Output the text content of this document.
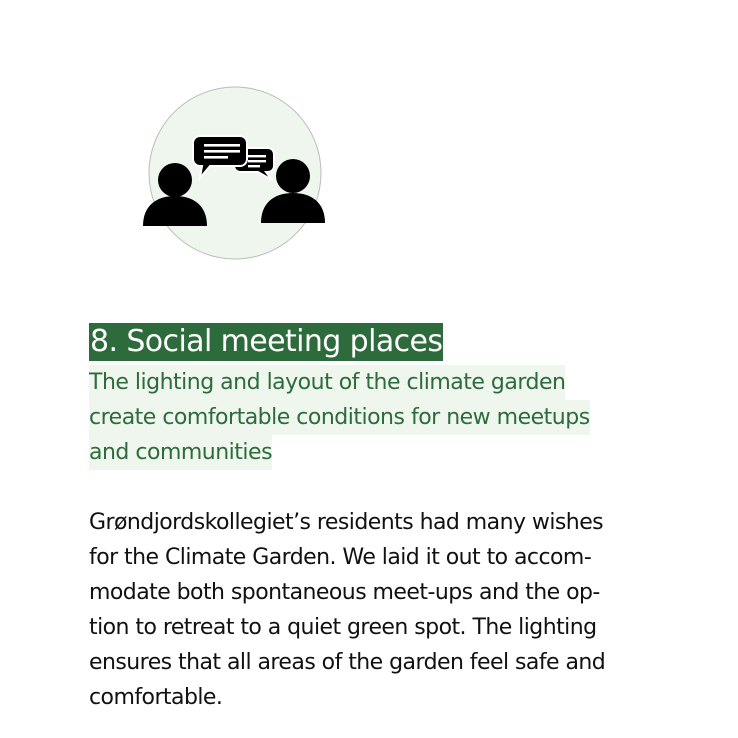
8. Social meeting places
The lighting and layout of the climate garden
create comfortable conditions for new meetups
and communities
Grøndjordskollegiet’s residents had many wishes
for the Climate Garden. We laid it out to accom-
modate both spontaneous meet-ups and the op-
tion to retreat to a quiet green spot. The lighting
ensures that all areas of the garden feel safe and
comfortable.
